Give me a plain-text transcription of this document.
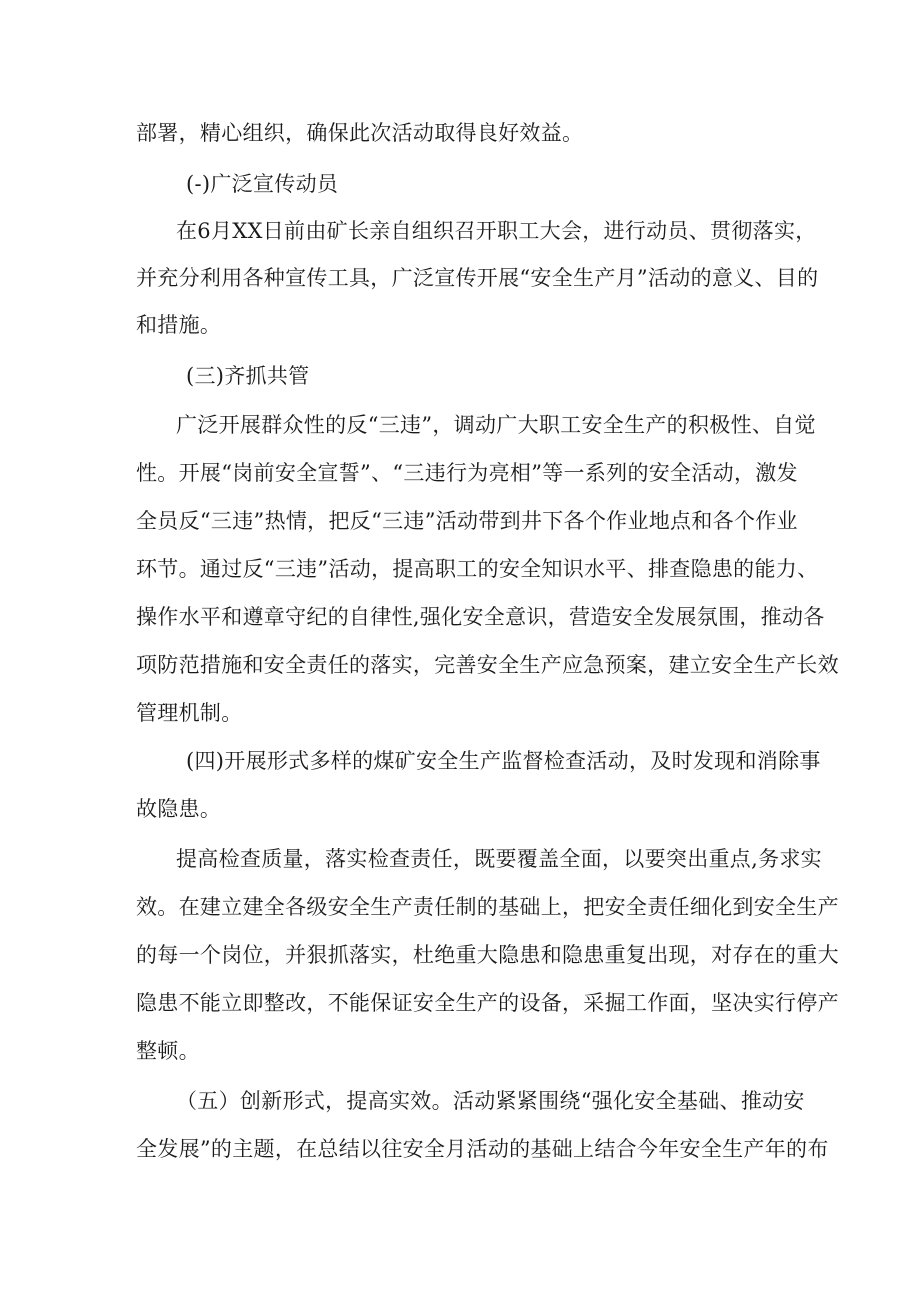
部署，精心组织，确保此次活动取得良好效益。
(-)广泛宣传动员
在6月XX日前由矿长亲自组织召开职工大会，进行动员、贯彻落实，
并充分利用各种宣传工具，广泛宣传开展“安全生产月”活动的意义、目的
和措施。
(三)齐抓共管
广泛开展群众性的反“三违”，调动广大职工安全生产的积极性、自觉
性。开展“岗前安全宣誓”、“三违行为亮相”等一系列的安全活动，激发
全员反“三违”热情，把反“三违”活动带到井下各个作业地点和各个作业
环节。通过反“三违”活动，提高职工的安全知识水平、排查隐患的能力、
操作水平和遵章守纪的自律性,强化安全意识，营造安全发展氛围，推动各
项防范措施和安全责任的落实，完善安全生产应急预案，建立安全生产长效
管理机制。
(四)开展形式多样的煤矿安全生产监督检查活动，及时发现和消除事
故隐患。
提高检查质量，落实检查责任，既要覆盖全面，以要突出重点,务求实
效。在建立建全各级安全生产责任制的基础上，把安全责任细化到安全生产
的每一个岗位，并狠抓落实，杜绝重大隐患和隐患重复出现，对存在的重大
隐患不能立即整改，不能保证安全生产的设备，采掘工作面，坚决实行停产
整顿。
（五）创新形式，提高实效。活动紧紧围绕“强化安全基础、推动安
全发展”的主题，在总结以往安全月活动的基础上结合今年安全生产年的布
